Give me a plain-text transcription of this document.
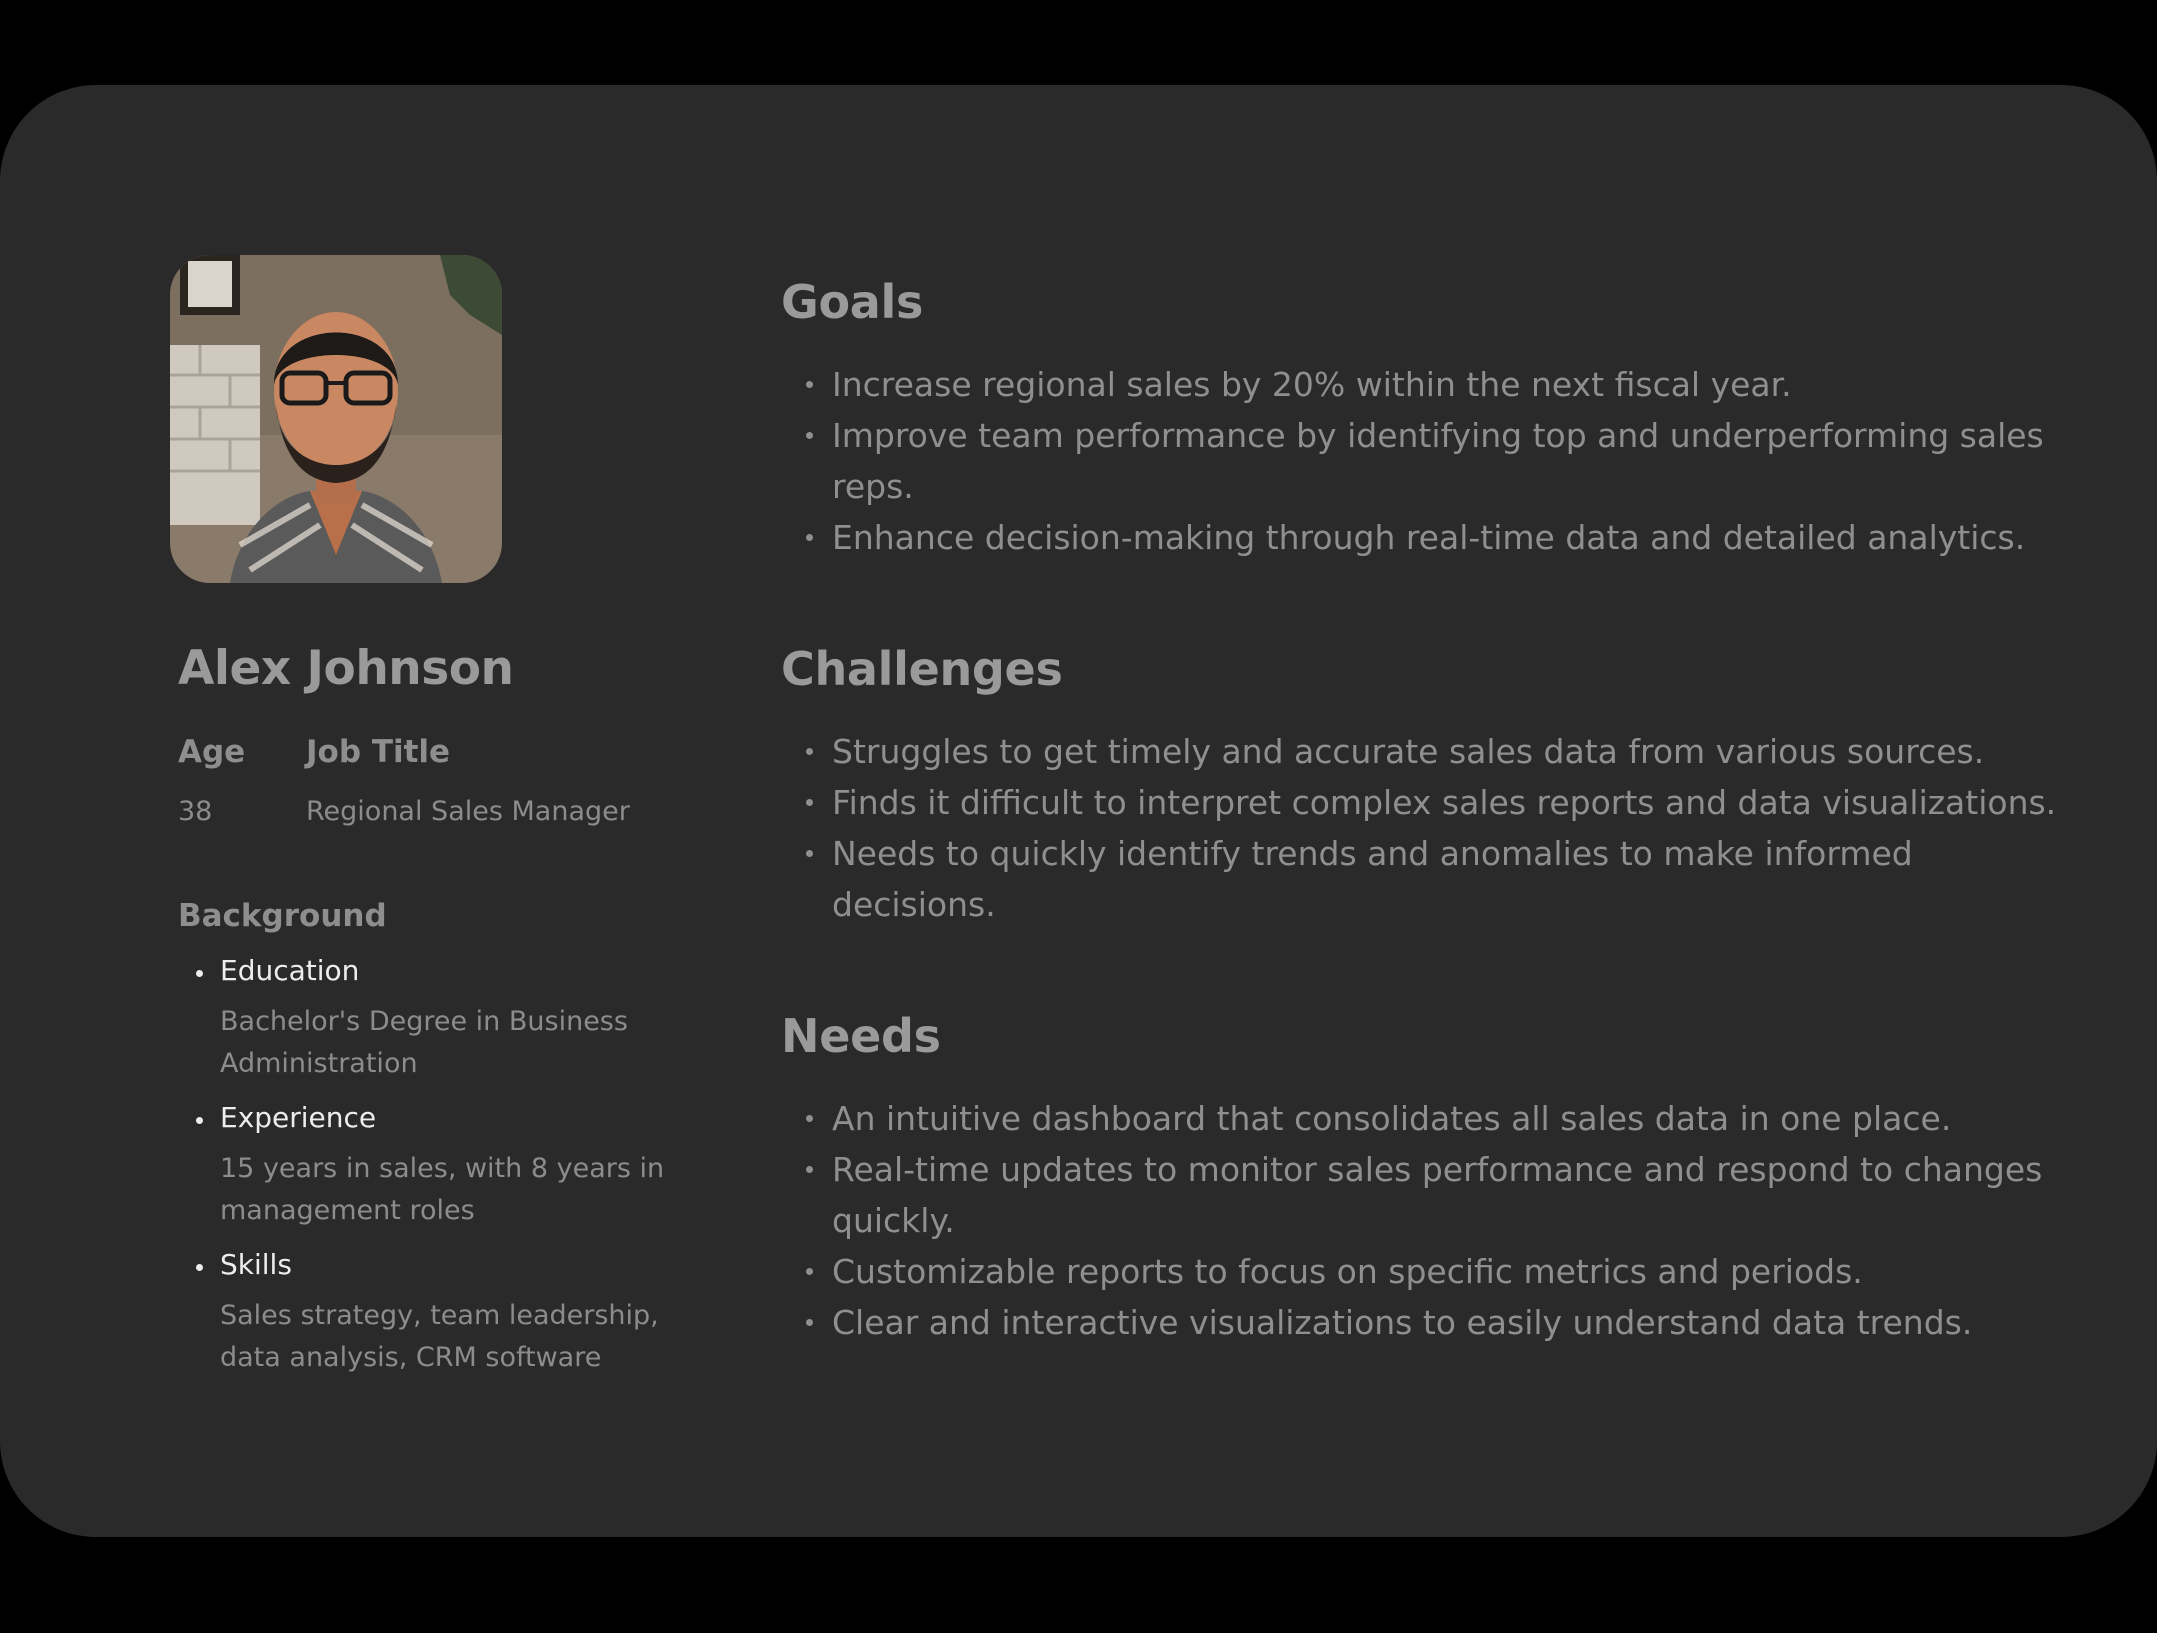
Alex Johnson
Age
38
Job Title
Regional Sales Manager
Background
Education
Bachelor's Degree in Business Administration
Experience
15 years in sales, with 8 years in management roles
Skills
Sales strategy, team leadership, data analysis, CRM software
Goals
Increase regional sales by 20% within the next fiscal year.
Improve team performance by identifying top and underperforming sales reps.
Enhance decision-making through real-time data and detailed analytics.
Challenges
Struggles to get timely and accurate sales data from various sources.
Finds it difficult to interpret complex sales reports and data visualizations.
Needs to quickly identify trends and anomalies to make informed decisions.
Needs
An intuitive dashboard that consolidates all sales data in one place.
Real-time updates to monitor sales performance and respond to changes quickly.
Customizable reports to focus on specific metrics and periods.
Clear and interactive visualizations to easily understand data trends.
